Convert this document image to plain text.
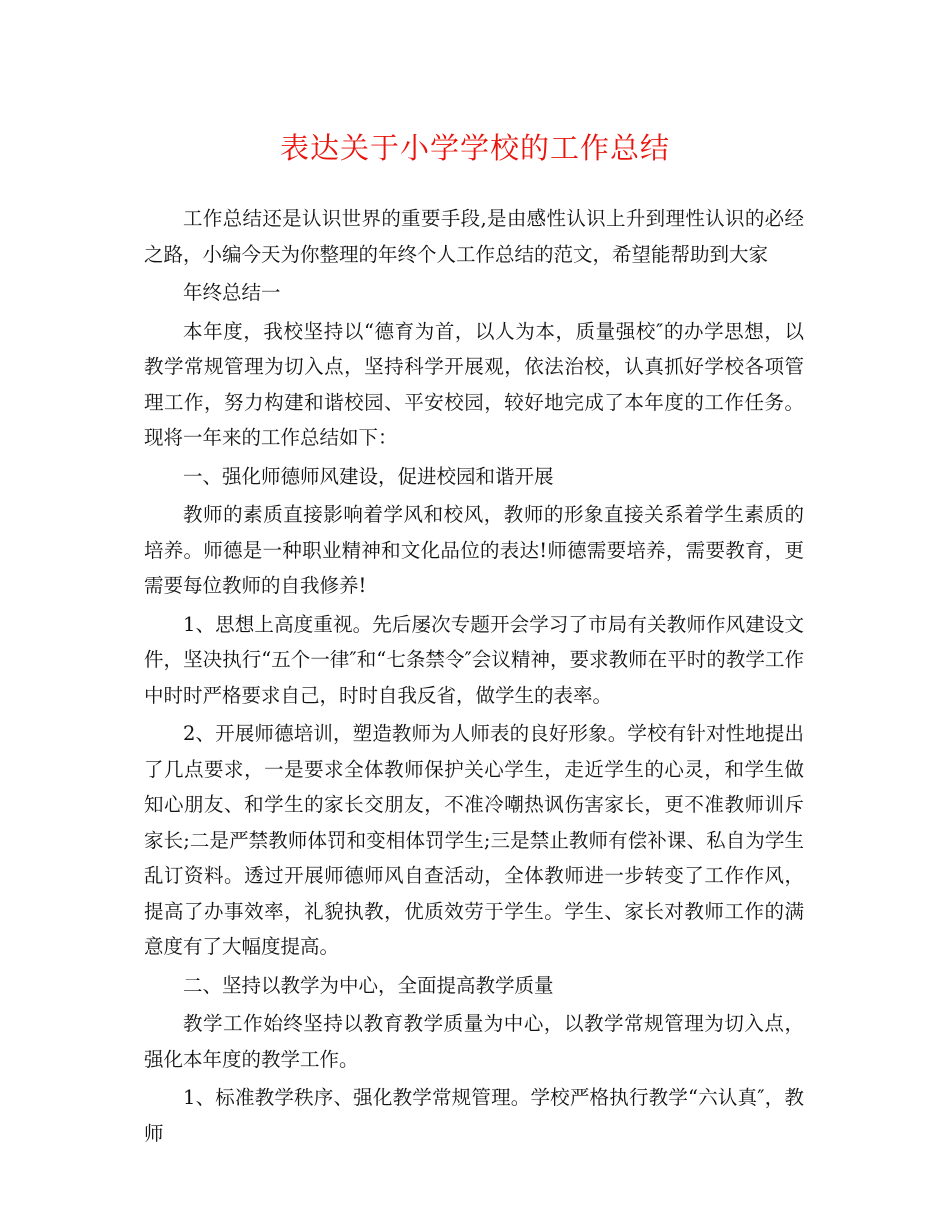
表达关于小学学校的工作总结

工作总结还是认识世界的重要手段,是由感性认识上升到理性认识的必经之路，小编今天为你整理的年终个人工作总结的范文，希望能帮助到大家

年终总结一

本年度，我校坚持以“德育为首，以人为本，质量强校″的办学思想，以教学常规管理为切入点，坚持科学开展观，依法治校，认真抓好学校各项管理工作，努力构建和谐校园、平安校园，较好地完成了本年度的工作任务。现将一年来的工作总结如下：

一、强化师德师风建设，促进校园和谐开展

教师的素质直接影响着学风和校风，教师的形象直接关系着学生素质的培养。师德是一种职业精神和文化品位的表达!师德需要培养，需要教育，更需要每位教师的自我修养!

1、思想上高度重视。先后屡次专题开会学习了市局有关教师作风建设文件，坚决执行“五个一律″和“七条禁令″会议精神，要求教师在平时的教学工作中时时严格要求自己，时时自我反省，做学生的表率。

2、开展师德培训，塑造教师为人师表的良好形象。学校有针对性地提出了几点要求，一是要求全体教师保护关心学生，走近学生的心灵，和学生做知心朋友、和学生的家长交朋友，不准冷嘲热讽伤害家长，更不准教师训斥家长;二是严禁教师体罚和变相体罚学生;三是禁止教师有偿补课、私自为学生乱订资料。透过开展师德师风自查活动，全体教师进一步转变了工作作风，提高了办事效率，礼貌执教，优质效劳于学生。学生、家长对教师工作的满意度有了大幅度提高。

二、坚持以教学为中心，全面提高教学质量

教学工作始终坚持以教育教学质量为中心，以教学常规管理为切入点，强化本年度的教学工作。

1、标准教学秩序、强化教学常规管理。学校严格执行教学“六认真″，教师
